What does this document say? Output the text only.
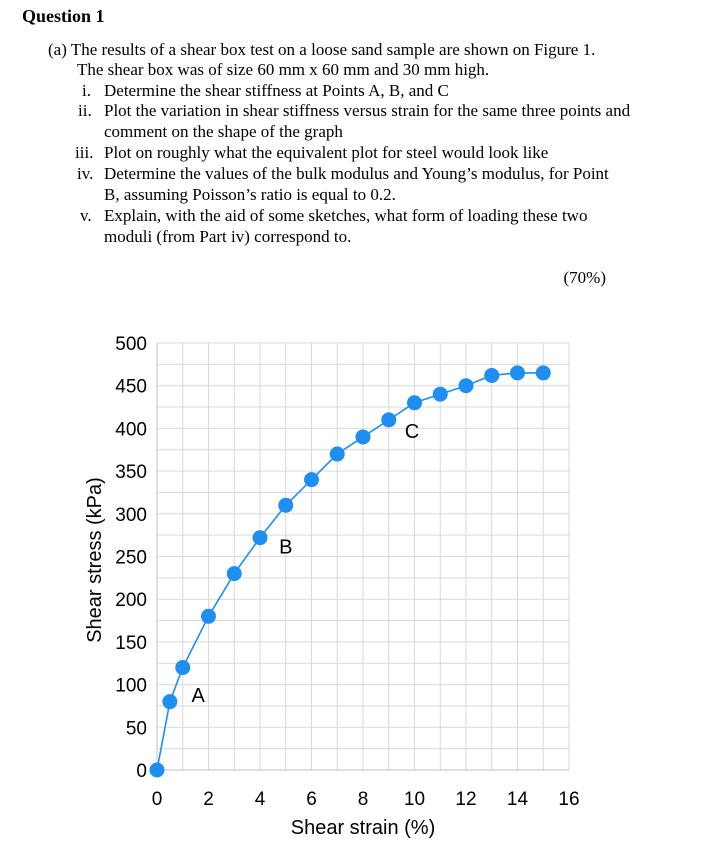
Question 1
(a) The results of a shear box test on a loose sand sample are shown on Figure 1.
The shear box was of size 60 mm x 60 mm and 30 mm high.
i. Determine the shear stiffness at Points A, B, and C
ii. Plot the variation in shear stiffness versus strain for the same three points and
comment on the shape of the graph
iii. Plot on roughly what the equivalent plot for steel would look like
iv. Determine the values of the bulk modulus and Young’s modulus, for Point
B, assuming Poisson’s ratio is equal to 0.2.
v. Explain, with the aid of some sketches, what form of loading these two
moduli (from Part iv) correspond to.
(70%)
0 2 4 6 8 10 12 14 16
0
50
100
150
200
250
300
350
400
450
500
Shear strain (%)
Shear stress (kPa)
A
B
C
